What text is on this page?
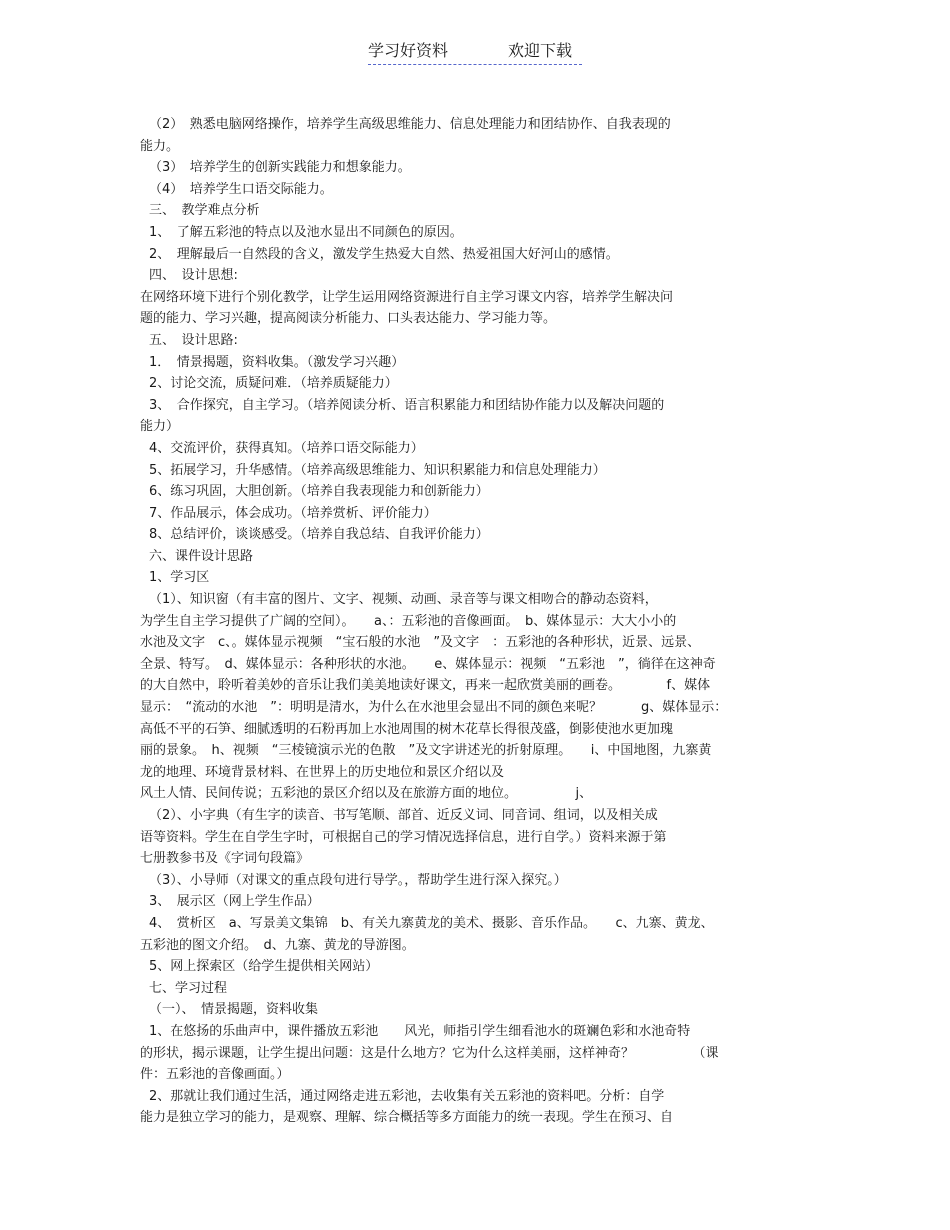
学习好资料	欢迎下载
（2）　熟悉电脑网络操作，培养学生高级思维能力、信息处理能力和团结协作、自我表现的
能力。
（3）　培养学生的创新实践能力和想象能力。
（4）　培养学生口语交际能力。
三、　教学难点分析
1、　了解五彩池的特点以及池水显出不同颜色的原因。
2、　理解最后一自然段的含义，激发学生热爱大自然、热爱祖国大好河山的感情。
四、　设计思想:
在网络环境下进行个别化教学，让学生运用网络资源进行自主学习课文内容，培养学生解决问
题的能力、学习兴趣，提高阅读分析能力、口头表达能力、学习能力等。
五、　设计思路:
1．　情景揭题，资料收集。（激发学习兴趣）
2、讨论交流，质疑问难．（培养质疑能力）
3、　合作探究，自主学习。（培养阅读分析、语言积累能力和团结协作能力以及解决问题的
能力）
4、交流评价，获得真知。（培养口语交际能力）
5、拓展学习，升华感情。（培养高级思维能力、知识积累能力和信息处理能力）
6、练习巩固，大胆创新。（培养自我表现能力和创新能力）
7、作品展示，体会成功。（培养赏析、评价能力）
8、总结评价，谈谈感受。（培养自我总结、自我评价能力）
六、课件设计思路
1、学习区
（1）、知识窗（有丰富的图片、文字、视频、动画、录音等与课文相吻合的静动态资料，
为学生自主学习提供了广阔的空间）。　　a、：五彩池的音像画面。　b、媒体显示：大大小小的
水池及文字　c、。媒体显示视频　“宝石般的水池　”及文字　：五彩池的各种形状，近景、远景、
全景、特写。　d、媒体显示：各种形状的水池。　　e、媒体显示：视频　“五彩池　”，徜徉在这神奇
的大自然中，聆听着美妙的音乐让我们美美地读好课文，再来一起欣赏美丽的画卷。　　　　f、媒体
显示：　“流动的水池　”：明明是清水，为什么在水池里会显出不同的颜色来呢？　　　g、媒体显示：
高低不平的石笋、细腻透明的石粉再加上水池周围的树木花草长得很茂盛，倒影使池水更加瑰
丽的景象。　h、视频　“三棱镜演示光的色散　”及文字讲述光的折射原理。　　i、中国地图，九寨黄
龙的地理、环境背景材料、在世界上的历史地位和景区介绍以及
风土人情、民间传说；五彩池的景区介绍以及在旅游方面的地位。　　　　　j、
（2）、小字典（有生字的读音、书写笔顺、部首、近反义词、同音词、组词，以及相关成
语等资料。学生在自学生字时，可根据自己的学习情况选择信息，进行自学。）资料来源于第
七册教参书及《字词句段篇》
（3）、小导师（对课文的重点段句进行导学。，帮助学生进行深入探究。）
3、　展示区（网上学生作品）
4、　赏析区　a、写景美文集锦　b、有关九寨黄龙的美术、摄影、音乐作品。　　c、九寨、黄龙、
五彩池的图文介绍。　d、九寨、黄龙的导游图。
5、网上探索区（给学生提供相关网站）
七、学习过程
（一）、　情景揭题，资料收集
1、在悠扬的乐曲声中，课件播放五彩池　　风光，师指引学生细看池水的斑斓色彩和水池奇特
的形状，揭示课题，让学生提出问题：这是什么地方？它为什么这样美丽，这样神奇？　　　　　（课
件：五彩池的音像画面。）
2、那就让我们通过生活，通过网络走进五彩池，去收集有关五彩池的资料吧。分析：自学
能力是独立学习的能力，是观察、理解、综合概括等多方面能力的统一表现。学生在预习、自
